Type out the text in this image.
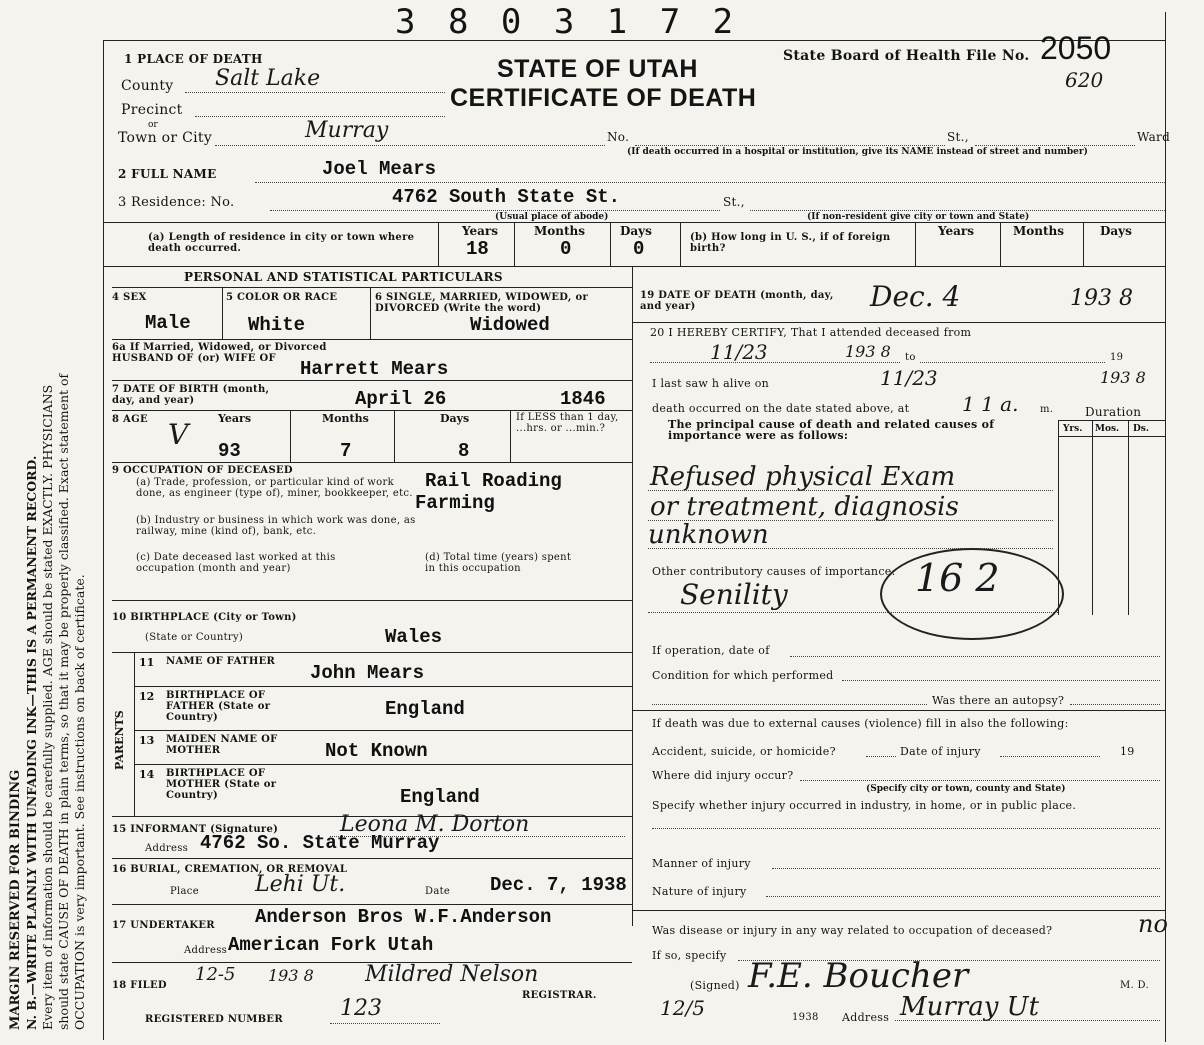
MARGIN RESERVED FOR BINDING N. B.—WRITE PLAINLY WITH UNFADING INK—THIS IS A PERMANENT RECORD. Every item of information should be carefully supplied. AGE should be stated EXACTLY. PHYSICIANS should state CAUSE OF DEATH in plain terms, so that it may be properly classified. Exact statement of OCCUPATION is very important. See instructions on back of certificate.
3 8 0 3 1 7 2
STATE OF UTAH
CERTIFICATE OF DEATH
State Board of Health File No. 2050
620
1 PLACE OF DEATH
County Salt Lake
Precinct
or
Town or City	Murray	No.	St.,	Ward
(If death occurred in a hospital or institution, give its NAME instead of street and number)
2 FULL NAME	Joel Mears
3 Residence: No.	4762 South State St.	St.,
(Usual place of abode)	(If non-resident give city or town and State)
(a) Length of residence in city or town where death occurred.
Years	Months	Days
18	0	0
(b) How long in U. S., if of foreign birth?
Years	Months	Days
PERSONAL AND STATISTICAL PARTICULARS
4 SEX
Male
5 COLOR OR RACE
White
6 SINGLE, MARRIED, WIDOWED, or DIVORCED (Write the word)
Widowed
6a If Married, Widowed, or Divorced HUSBAND OF (or) WIFE OF	Harrett Mears
7 DATE OF BIRTH (month, day, and year)	April 26	1846
8 AGE	Years	Months	Days
V 93	7	8
If LESS than 1 day, ...hrs. or ...min.?
9 OCCUPATION OF DECEASED
(a) Trade, profession, or particular kind of work done, as engineer (type of), miner, bookkeeper, etc.
Rail Roading
Farming
(b) Industry or business in which work was done, as railway, mine (kind of), bank, etc.
(c) Date deceased last worked at this occupation (month and year)
(d) Total time (years) spent in this occupation
10 BIRTHPLACE (City or Town)
(State or Country)	Wales
PARENTS
11 NAME OF FATHER
John Mears
12 BIRTHPLACE OF FATHER (State or Country)	England
13 MAIDEN NAME OF MOTHER	Not Known
14 BIRTHPLACE OF MOTHER (State or Country)	England
15 INFORMANT (Signature)	Leona M. Dorton
Address 4762 So. State Murray
16 BURIAL, CREMATION, OR REMOVAL
Place	Lehi Ut.	Date Dec. 7, 1938
17 UNDERTAKER Anderson Bros W.F.Anderson
Address American Fork Utah
18 FILED
12-5 193 8 Mildred Nelson
REGISTRAR.
REGISTERED NUMBER	123
19 DATE OF DEATH (month, day, and year)	Dec. 4	193 8
20 I HEREBY CERTIFY, That I attended deceased from
11/23	193 8 to	19
I last saw h alive on	11/23	193 8
death occurred on the date stated above, at	1 1 a. m.	Duration
Yrs. Mos. Ds.
The principal cause of death and related causes of importance were as follows:
Refused physical Exam
or treatment, diagnosis
unknown
Other contributory causes of importance:
Senility	16 2
If operation, date of
Condition for which performed
Was there an autopsy?
If death was due to external causes (violence) fill in also the following:
Accident, suicide, or homicide?	Date of injury	19
Where did injury occur?
(Specify city or town, county and State)
Specify whether injury occurred in industry, in home, or in public place.
Manner of injury
Nature of injury
Was disease or injury in any way related to occupation of deceased?	no
If so, specify
(Signed) F.E. Boucher	M. D.
12/5	1938 Address Murray Ut
